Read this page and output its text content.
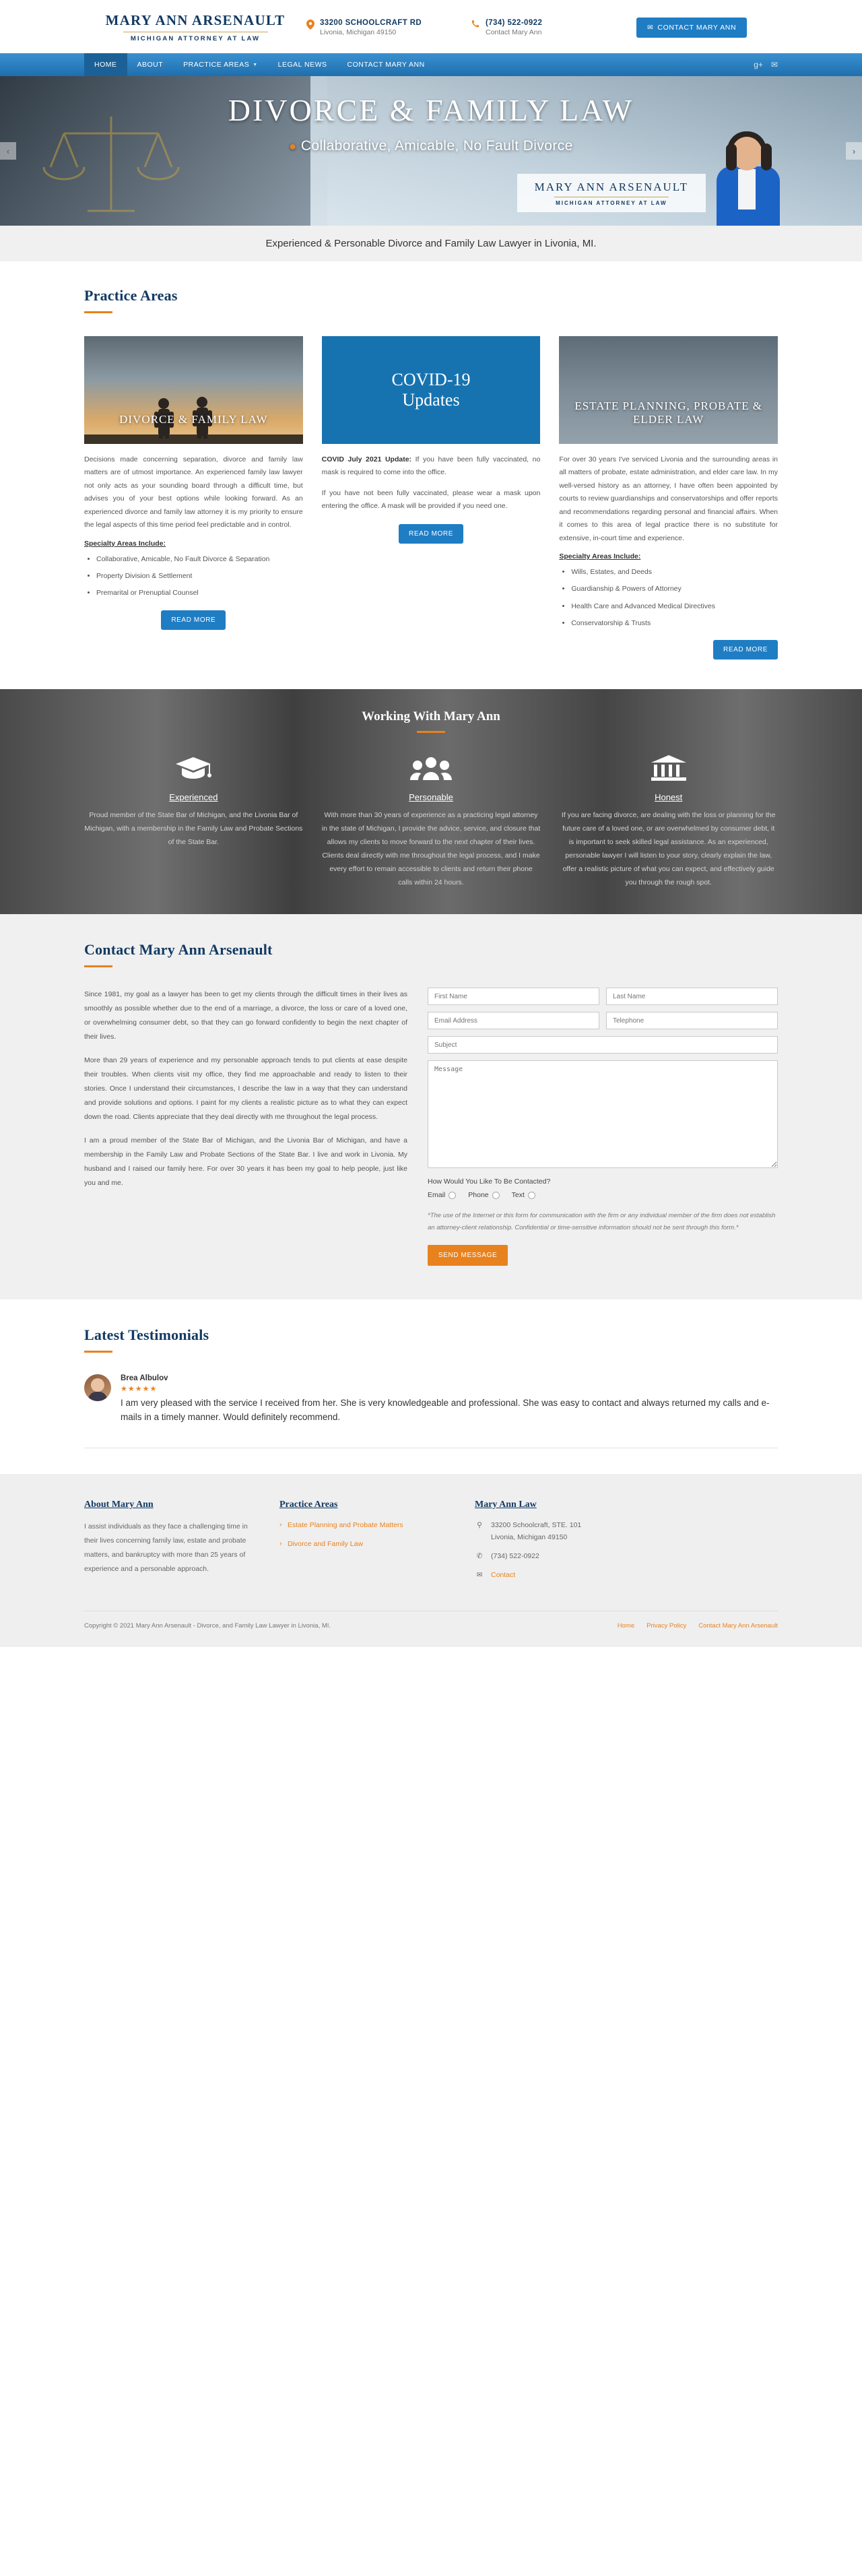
MARY ANN ARSENAULT
MICHIGAN ATTORNEY AT LAW
33200 SCHOOLCRAFT RD
Livonia, Michigan 49150
(734) 522-0922
Contact Mary Ann
✉ CONTACT MARY ANN
HOME	ABOUT	PRACTICE AREAS ▼	LEGAL NEWS	CONTACT MARY ANN	g+ ✉
DIVORCE & FAMILY LAW
● Collaborative, Amicable, No Fault Divorce
‹	›
MARY ANN ARSENAULT
MICHIGAN ATTORNEY AT LAW
Experienced & Personable Divorce and Family Law Lawyer in Livonia, MI.
Practice Areas
DIVORCE & FAMILY LAW
Decisions made concerning separation, divorce and family law matters are of utmost importance. An experienced family law lawyer not only acts as your sounding board through a difficult time, but advises you of your best options while looking forward. As an experienced divorce and family law attorney it is my priority to ensure the legal aspects of this time period feel predictable and in control.
Specialty Areas Include:
• Collaborative, Amicable, No Fault Divorce & Separation
• Property Division & Settlement
• Premarital or Prenuptial Counsel
READ MORE
COVID-19
Updates
COVID July 2021 Update: If you have been fully vaccinated, no mask is required to come into the office.
If you have not been fully vaccinated, please wear a mask upon entering the office. A mask will be provided if you need one.
READ MORE
ESTATE PLANNING, PROBATE & ELDER LAW
For over 30 years I've serviced Livonia and the surrounding areas in all matters of probate, estate administration, and elder care law. In my well-versed history as an attorney, I have often been appointed by courts to review guardianships and conservatorships and offer reports and recommendations regarding personal and financial affairs. When it comes to this area of legal practice there is no substitute for extensive, in-court time and experience.
Specialty Areas Include:
• Wills, Estates, and Deeds
• Guardianship & Powers of Attorney
• Health Care and Advanced Medical Directives
• Conservatorship & Trusts
READ MORE
Working With Mary Ann
Experienced
Proud member of the State Bar of Michigan, and the Livonia Bar of Michigan, with a membership in the Family Law and Probate Sections of the State Bar.
Personable
With more than 30 years of experience as a practicing legal attorney in the state of Michigan, I provide the advice, service, and closure that allows my clients to move forward to the next chapter of their lives. Clients deal directly with me throughout the legal process, and I make every effort to remain accessible to clients and return their phone calls within 24 hours.
Honest
If you are facing divorce, are dealing with the loss or planning for the future care of a loved one, or are overwhelmed by consumer debt, it is important to seek skilled legal assistance. As an experienced, personable lawyer I will listen to your story, clearly explain the law, offer a realistic picture of what you can expect, and effectively guide you through the rough spot.
Contact Mary Ann Arsenault

Since 1981, my goal as a lawyer has been to get my clients through the difficult times in their lives as smoothly as possible whether due to the end of a marriage, a divorce, the loss or care of a loved one, or overwhelming consumer debt, so that they can go forward confidently to begin the next chapter of their lives.

More than 29 years of experience and my personable approach tends to put clients at ease despite their troubles. When clients visit my office, they find me approachable and ready to listen to their stories. Once I understand their circumstances, I describe the law in a way that they can understand and provide solutions and options. I paint for my clients a realistic picture as to what they can expect down the road. Clients appreciate that they deal directly with me throughout the legal process.

I am a proud member of the State Bar of Michigan, and the Livonia Bar of Michigan, and have a membership in the Family Law and Probate Sections of the State Bar. I live and work in Livonia. My husband and I raised our family here. For over 30 years it has been my goal to help people, just like you and me.

First Name
Last Name
Email Address
Telephone
Subject
Message	How Would You Like To Be Contacted?
Email	Phone	Text
*The use of the Internet or this form for communication with the firm or any individual member of the firm does not establish an attorney-client relationship. Confidential or time-sensitive information should not be sent through this form.*
SEND MESSAGE
Latest Testimonials
Brea Albulov
★★★★★
I am very pleased with the service I received from her. She is very knowledgeable and professional. She was easy to contact and always returned my calls and e-mails in a timely manner. Would definitely recommend.
About Mary Ann
I assist individuals as they face a challenging time in their lives concerning family law, estate and probate matters, and bankruptcy with more than 25 years of experience and a personable approach.
Practice Areas
› Estate Planning and Probate Matters
› Divorce and Family Law
Mary Ann Law
⚲	33200 Schoolcraft, STE. 101
Livonia, Michigan 49150
✆ (734) 522-0922
✉ Contact
Copyright © 2021 Mary Ann Arsenault - Divorce, and Family Law Lawyer in Livonia, MI.	Home Privacy Policy Contact Mary Ann Arsenault
